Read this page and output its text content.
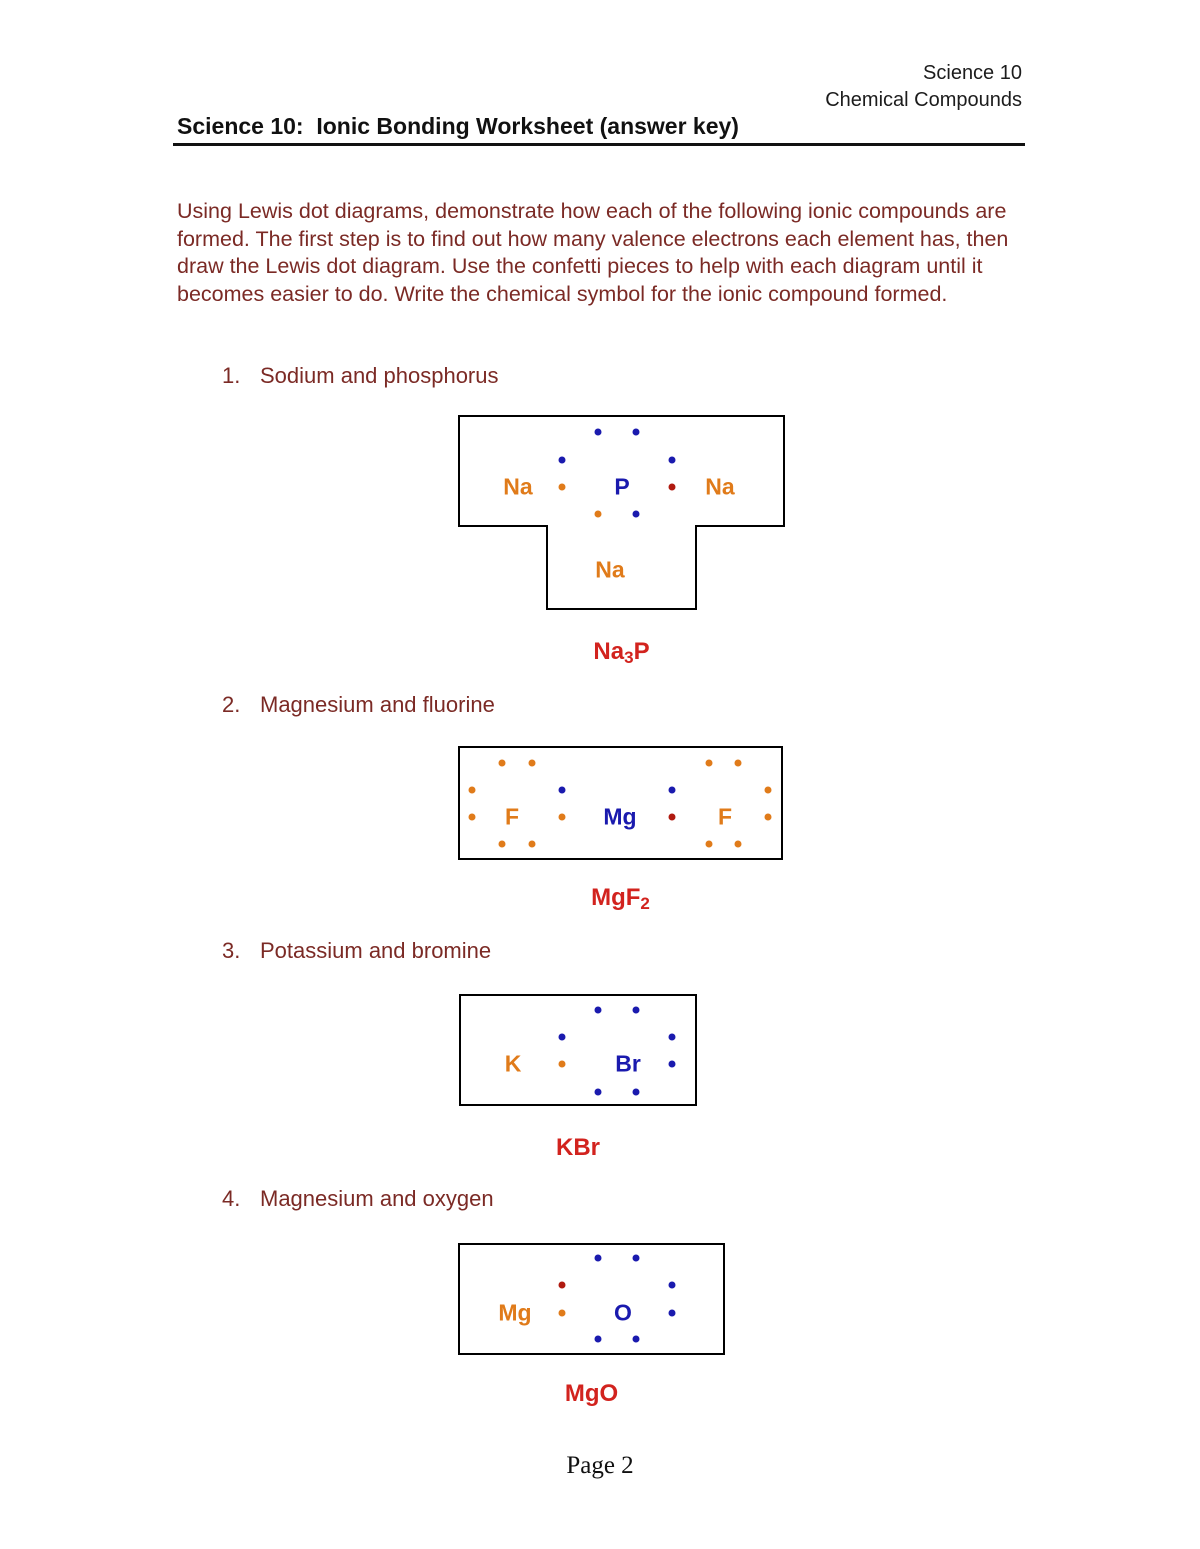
Science 10
Chemical Compounds
Science 10:  Ionic Bonding Worksheet (answer key)
Using Lewis dot diagrams, demonstrate how each of the following ionic compounds are formed. The first step is to find out how many valence electrons each element has, then draw the Lewis dot diagram. Use the confetti pieces to help with each diagram until it becomes easier to do. Write the chemical symbol for the ionic compound formed.
1. Sodium and phosphorus
Na	P	Na
Na
Na3P
2. Magnesium and fluorine
F	Mg	F
MgF2
3. Potassium and bromine
K	Br
KBr
4. Magnesium and oxygen
Mg	O
MgO
Page 2
